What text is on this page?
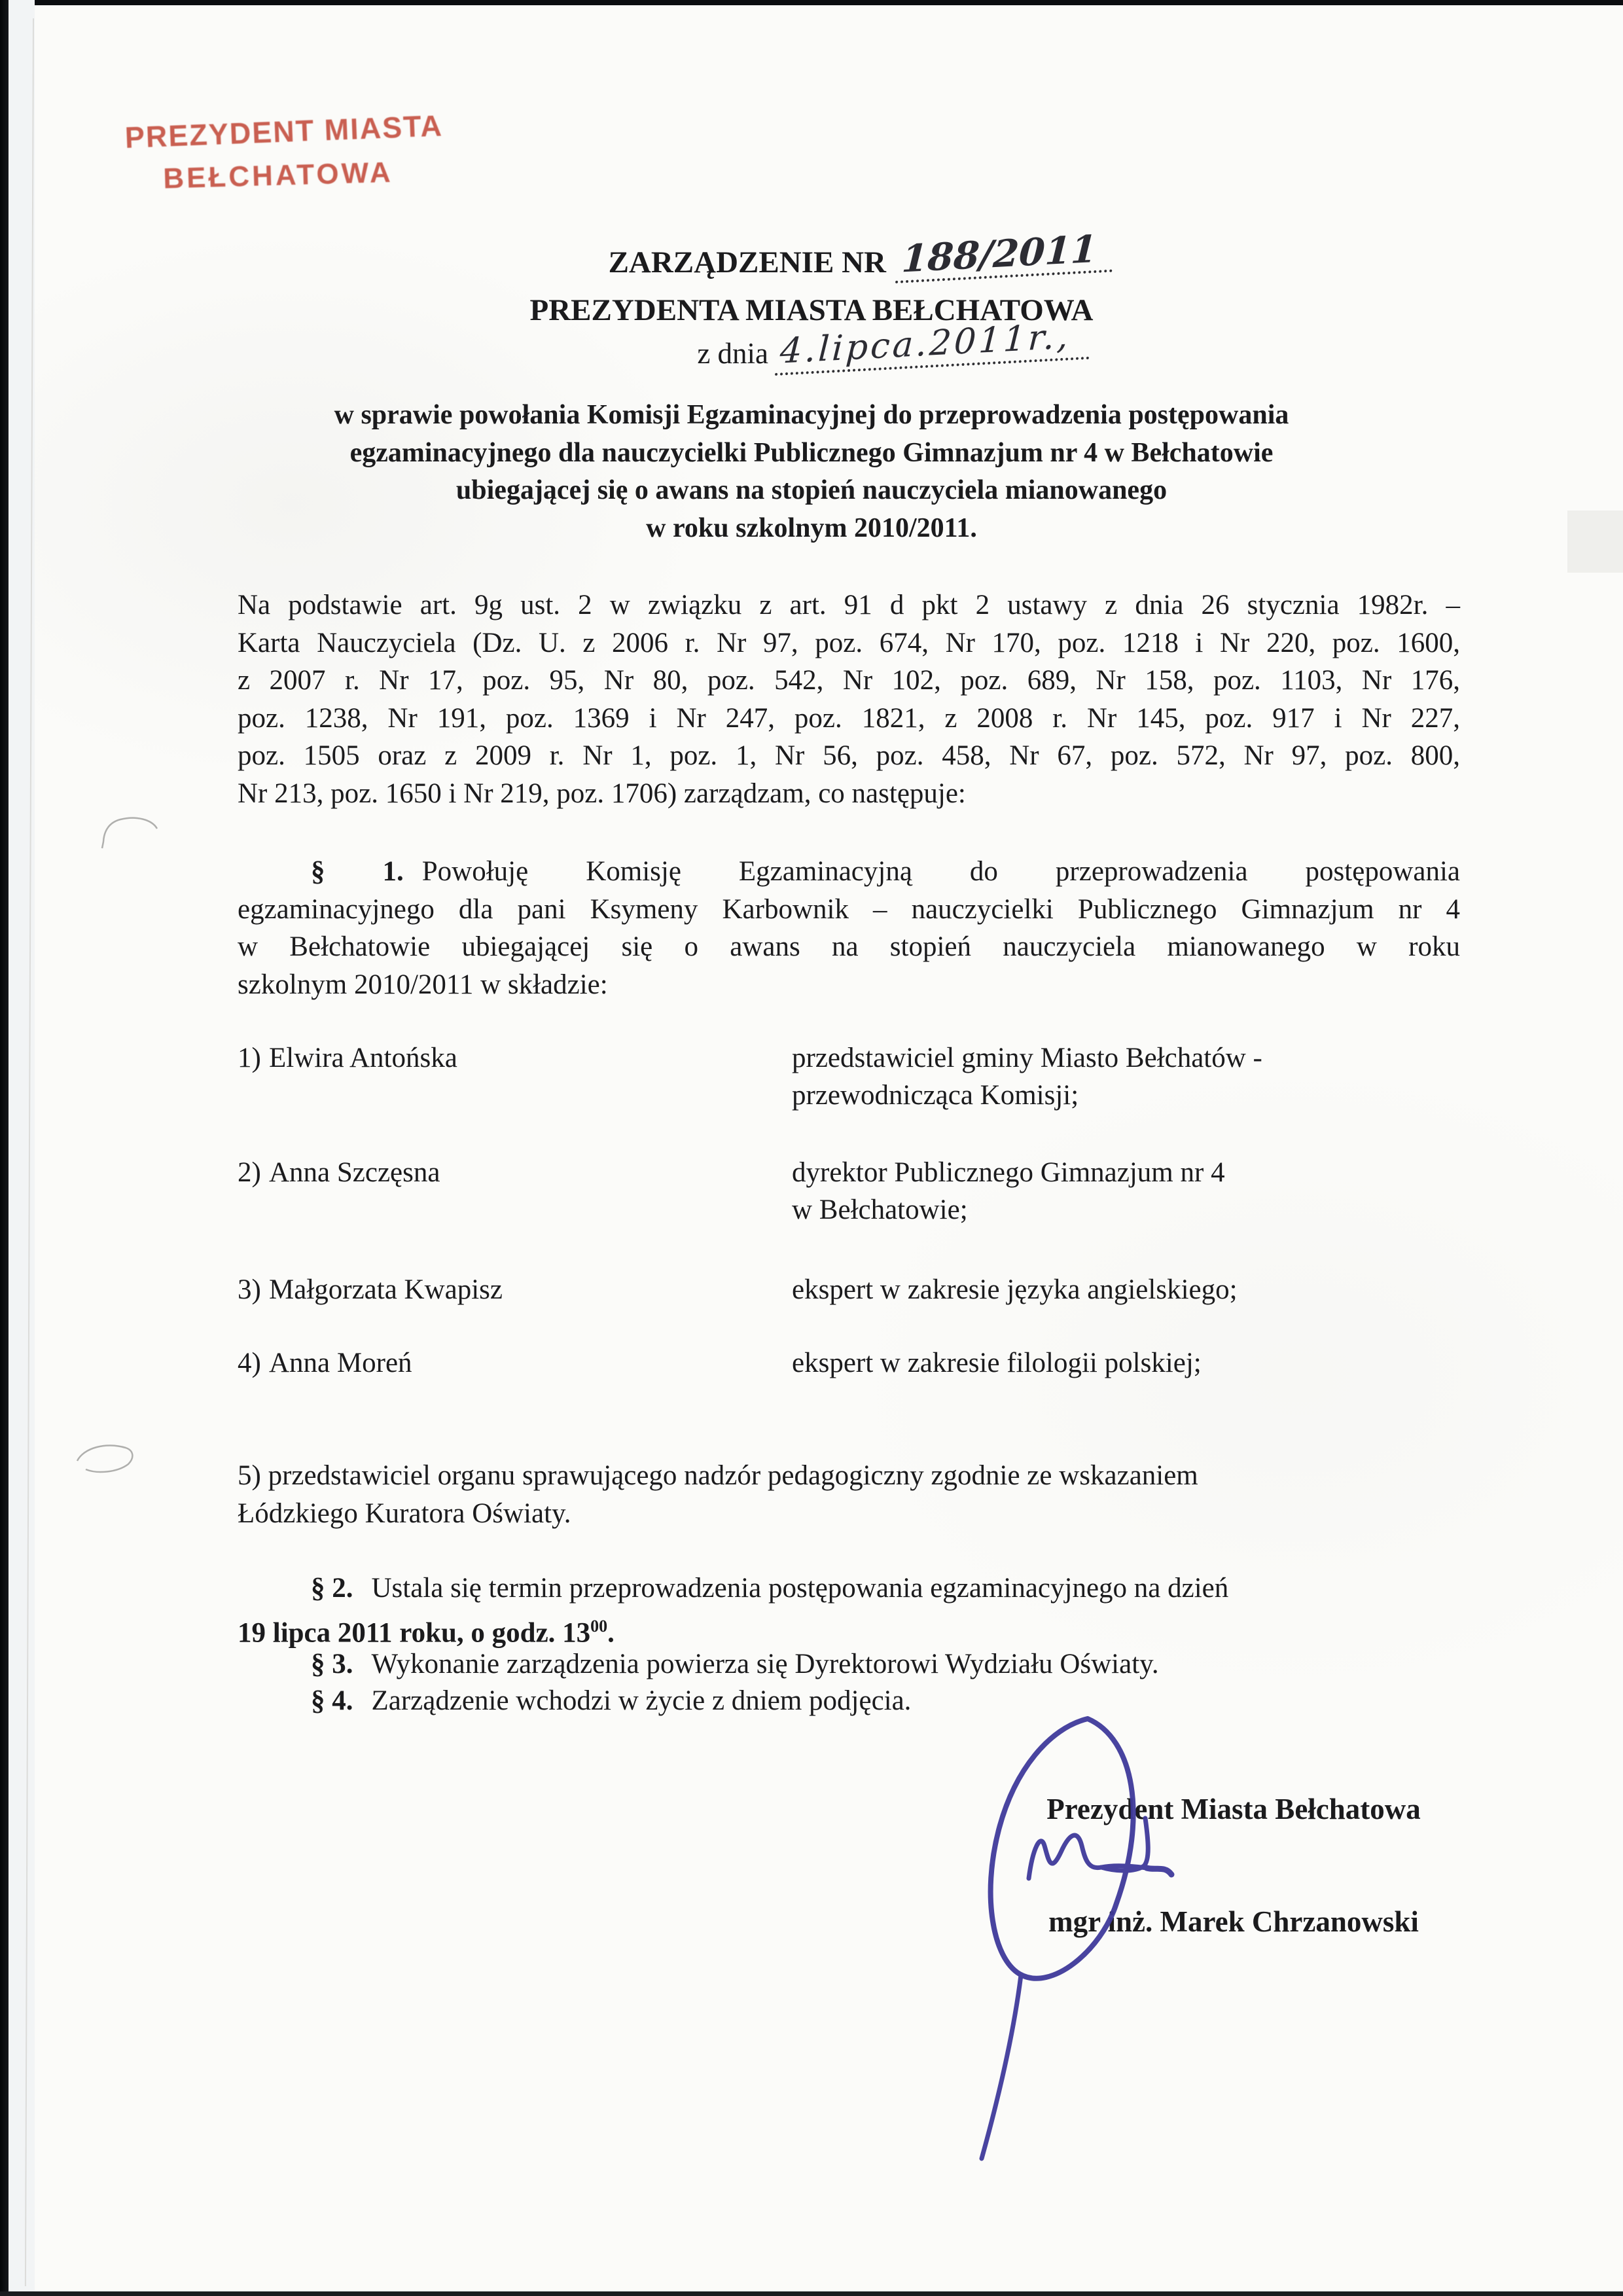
PREZYDENT MIASTA
BEŁCHATOWA
ZARZĄDZENIE NR 188/2011
PREZYDENTA MIASTA BEŁCHATOWA
z dnia 4.lipca.2011r.,
w sprawie powołania Komisji Egzaminacyjnej do przeprowadzenia postępowania
egzaminacyjnego dla nauczycielki Publicznego Gimnazjum nr 4 w Bełchatowie
ubiegającej się o awans na stopień nauczyciela mianowanego
w roku szkolnym 2010/2011.
Na podstawie art. 9g ust. 2 w związku z art. 91 d pkt 2 ustawy z dnia 26 stycznia 1982r. –
Karta Nauczyciela (Dz. U. z 2006 r. Nr 97, poz. 674, Nr 170, poz. 1218 i Nr 220, poz. 1600,
z 2007 r. Nr 17, poz. 95, Nr 80, poz. 542, Nr 102, poz. 689, Nr 158, poz. 1103, Nr 176,
poz. 1238, Nr 191, poz. 1369 i Nr 247, poz. 1821, z 2008 r. Nr 145, poz. 917 i Nr 227,
poz. 1505 oraz z 2009 r. Nr 1, poz. 1, Nr 56, poz. 458, Nr 67, poz. 572, Nr 97, poz. 800,
Nr 213, poz. 1650 i Nr 219, poz. 1706) zarządzam, co następuje:
§ 1. Powołuję Komisję Egzaminacyjną do przeprowadzenia postępowania
egzaminacyjnego dla pani Ksymeny Karbownik – nauczycielki Publicznego Gimnazjum nr 4
w Bełchatowie ubiegającej się o awans na stopień nauczyciela mianowanego w roku
szkolnym 2010/2011 w składzie:
1) Elwira Antońska	przedstawiciel gminy Miasto Bełchatów -
przewodnicząca Komisji;
2) Anna Szczęsna	dyrektor Publicznego Gimnazjum nr 4
w Bełchatowie;
3) Małgorzata Kwapisz	ekspert w zakresie języka angielskiego;
4) Anna Moreń	ekspert w zakresie filologii polskiej;
5) przedstawiciel organu sprawującego nadzór pedagogiczny zgodnie ze wskazaniem
Łódzkiego Kuratora Oświaty.
§ 2. Ustala się termin przeprowadzenia postępowania egzaminacyjnego na dzień
19 lipca 2011 roku, o godz. $13^{00}$.
§ 3. Wykonanie zarządzenia powierza się Dyrektorowi Wydziału Oświaty.
§ 4. Zarządzenie wchodzi w życie z dniem podjęcia.
Prezydent Miasta Bełchatowa
mgr inż. Marek Chrzanowski
